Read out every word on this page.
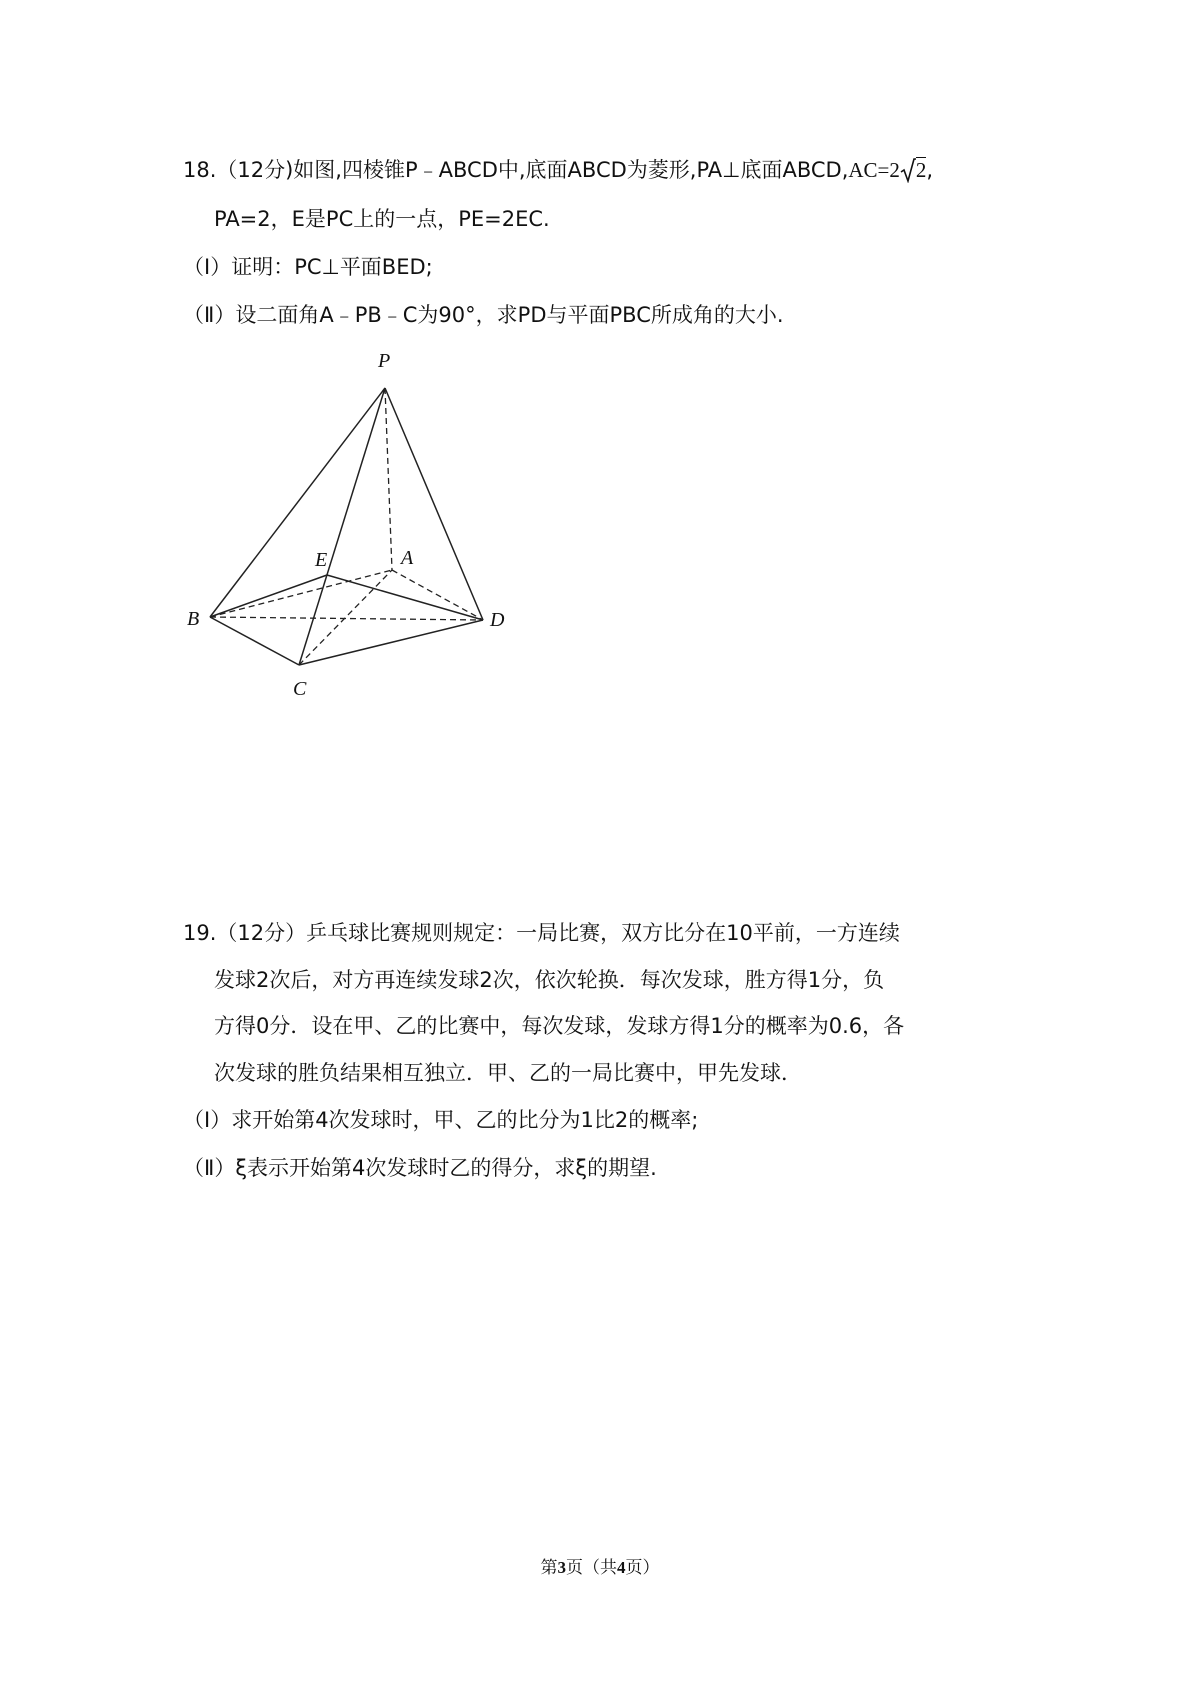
18.（12分)如图,四棱锥P﹣ABCD中,底面ABCD为菱形,PA⊥底面ABCD,AC=2 2,
PA=2，E是PC上的一点，PE=2EC.
（Ⅰ）证明：PC⊥平面BED;
（Ⅱ）设二面角A﹣PB﹣C为90°，求PD与平面PBC所成角的大小.
P
A
E
B	D
C
19.（12分）乒乓球比赛规则规定：一局比赛，双方比分在10平前，一方连续
发球2次后，对方再连续发球2次，依次轮换．每次发球，胜方得1分，负
方得0分．设在甲、乙的比赛中，每次发球，发球方得1分的概率为0.6，各
次发球的胜负结果相互独立．甲、乙的一局比赛中，甲先发球．
（Ⅰ）求开始第4次发球时，甲、乙的比分为1比2的概率;
（Ⅱ）ξ表示开始第4次发球时乙的得分，求ξ的期望.
第3页（共4页）
